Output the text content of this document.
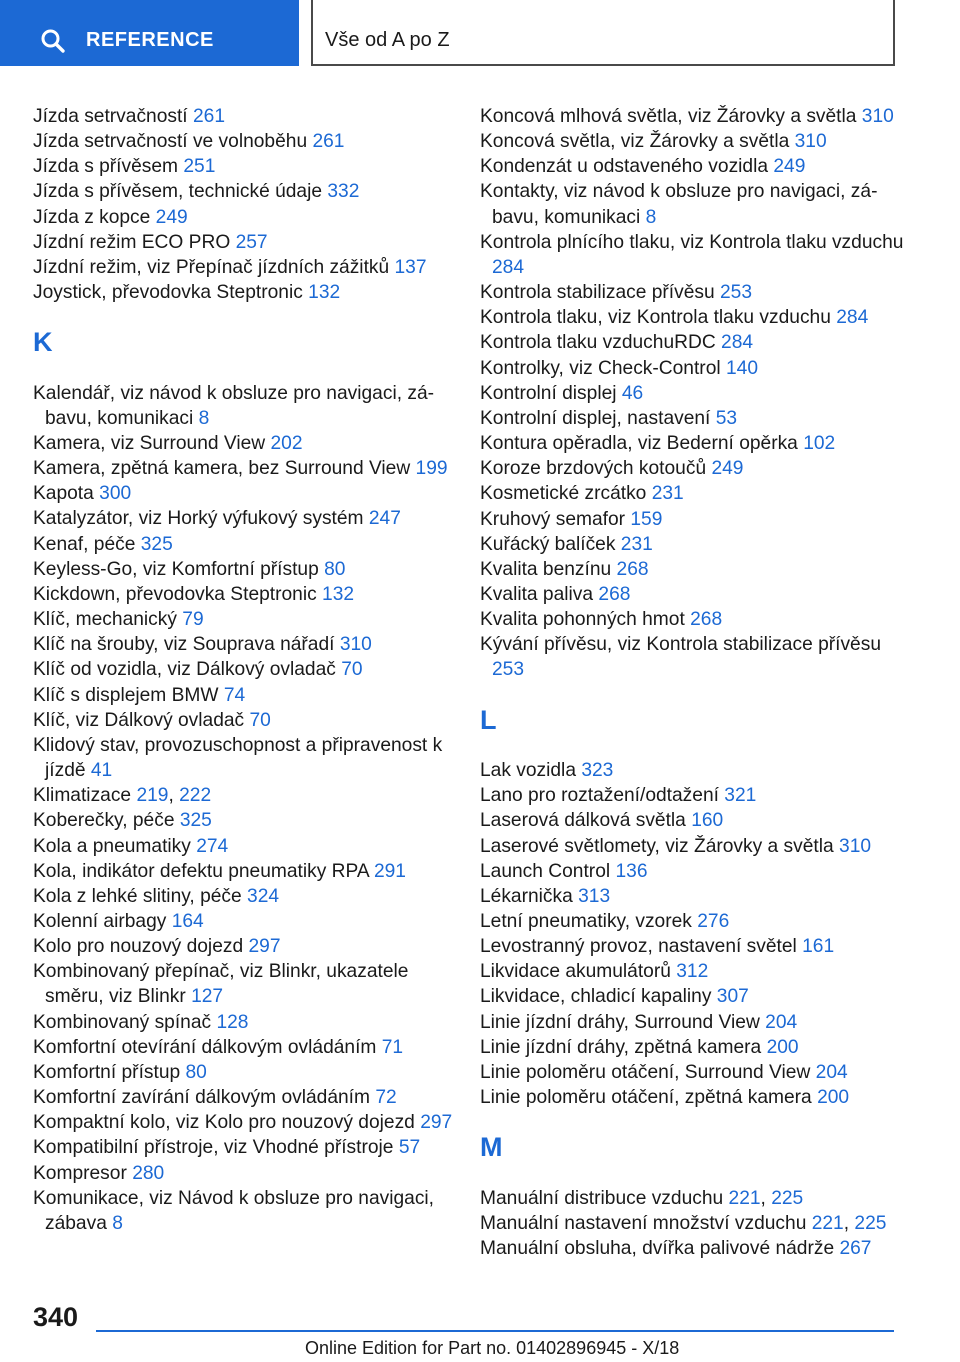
REFERENCE	Vše od A po Z
Jízda setrvačností 261
Jízda setrvačností ve volnoběhu 261
Jízda s přívěsem 251
Jízda s přívěsem, technické údaje 332
Jízda z kopce 249
Jízdní režim ECO PRO 257
Jízdní režim, viz Přepínač jízdních zážitků 137
Joystick, převodovka Steptronic 132
K
Kalendář, viz návod k obsluze pro navigaci, zábavu, komunikaci 8
Kamera, viz Surround View 202
Kamera, zpětná kamera, bez Surround View 199
Kapota 300
Katalyzátor, viz Horký výfukový systém 247
Kenaf, péče 325
Keyless-Go, viz Komfortní přístup 80
Kickdown, převodovka Steptronic 132
Klíč, mechanický 79
Klíč na šrouby, viz Souprava nářadí 310
Klíč od vozidla, viz Dálkový ovladač 70
Klíč s displejem BMW 74
Klíč, viz Dálkový ovladač 70
Klidový stav, provozuschopnost a připravenost k jízdě 41
Klimatizace 219, 222
Koberečky, péče 325
Kola a pneumatiky 274
Kola, indikátor defektu pneumatiky RPA 291
Kola z lehké slitiny, péče 324
Kolenní airbagy 164
Kolo pro nouzový dojezd 297
Kombinovaný přepínač, viz Blinkr, ukazatele směru, viz Blinkr 127
Kombinovaný spínač 128
Komfortní otevírání dálkovým ovládáním 71
Komfortní přístup 80
Komfortní zavírání dálkovým ovládáním 72
Kompaktní kolo, viz Kolo pro nouzový dojezd 297
Kompatibilní přístroje, viz Vhodné přístroje 57
Kompresor 280
Komunikace, viz Návod k obsluze pro navigaci, zábava 8
Koncová mlhová světla, viz Žárovky a světla 310
Koncová světla, viz Žárovky a světla 310
Kondenzát u odstaveného vozidla 249
Kontakty, viz návod k obsluze pro navigaci, zábavu, komunikaci 8
Kontrola plnícího tlaku, viz Kontrola tlaku vzduchu 284
Kontrola stabilizace přívěsu 253
Kontrola tlaku, viz Kontrola tlaku vzduchu 284
Kontrola tlaku vzduchuRDC 284
Kontrolky, viz Check-Control 140
Kontrolní displej 46
Kontrolní displej, nastavení 53
Kontura opěradla, viz Bederní opěrka 102
Koroze brzdových kotoučů 249
Kosmetické zrcátko 231
Kruhový semafor 159
Kuřácký balíček 231
Kvalita benzínu 268
Kvalita paliva 268
Kvalita pohonných hmot 268
Kývání přívěsu, viz Kontrola stabilizace přívěsu 253
L
Lak vozidla 323
Lano pro roztažení/odtažení 321
Laserová dálková světla 160
Laserové světlomety, viz Žárovky a světla 310
Launch Control 136
Lékarnička 313
Letní pneumatiky, vzorek 276
Levostranný provoz, nastavení světel 161
Likvidace akumulátorů 312
Likvidace, chladicí kapaliny 307
Linie jízdní dráhy, Surround View 204
Linie jízdní dráhy, zpětná kamera 200
Linie poloměru otáčení, Surround View 204
Linie poloměru otáčení, zpětná kamera 200
M
Manuální distribuce vzduchu 221, 225
Manuální nastavení množství vzduchu 221, 225
Manuální obsluha, dvířka palivové nádrže 267
340
Online Edition for Part no. 01402896945 - X/18
